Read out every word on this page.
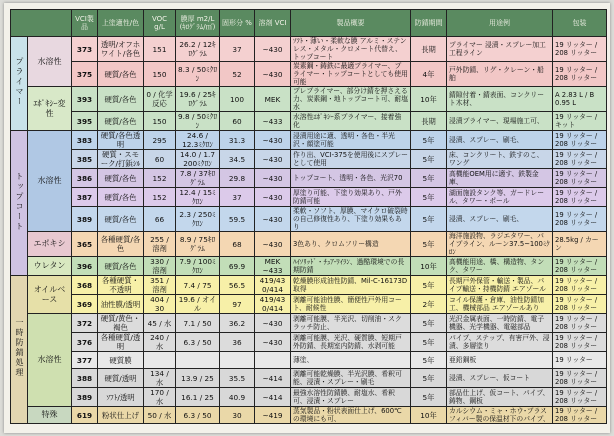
		VCI製品	上塗適性/色	VOC g/L	膜厚 m2/L (ｷﾛｸﾞﾗﾑ/㎡)	固形分 %	溶剤 VCI	製品概要	防錆期間	用途例	包装
プライマー	水溶性	373	透明/オフホワイト/各色	151	26.2 / 12ｷﾛｸﾞﾗﾑ	37	~430	ｿﾌﾄ・薄い・柔軟な膜 アルミ・ステンレス・メタル・クロメート代替え、トップコート	長期	プライマー 浸漬・スプレー加工工程ライン	19 リッター / 208 リッター
		375	硬質/各色	150	8.3 / 50ﾐｸﾛﾝ	52	~430	炭素鋼・鋳鉄に最適プライマー、プライマー・トップコートとしても使用可能	4年	戸外防錆、リグ・クレーン・船舶	19 リッター / 208 リッター
	ｴﾎﾟｷｼｰ変性	393	硬質/各色	0 / 化学反応	19.6 / 25ｷﾛｸﾞﾗﾑ	100	MEK	プレプライマー、部分け錆を押さえる力、炭素鋼・地トップコート可、耐塩水	10年	錆隙付着・錆表面、コンクリート木材、	A 2.83 L / B 0.95 L
		395	硬質/各色	150	9.8 / 50ﾐｸﾛﾝ	60	~433	水溶性ｴﾎﾟｷｼｰ系プライマー、接着強化	長期	浸漬プライマー、現場施工可、	19 リッター / キット
トップコート	水溶性	383	硬質/各色透明	295	24.6 / 12.3ﾐｸﾛﾝ	31.3	~430	浸漬用途に適、透明・各色・半光沢・顔塗可能	5年	浸漬、スプレー、刷毛、	19 リッター / 208 リッター
		385	硬質・スモーク/打鋲ｼﾙ	60	14.0 / 1.7 200ﾐｸﾛﾝ	34.5	~430	作り出、VCI-375を使用後にスプレーとして使用	5年	床、コンクリート、鉄すのこ、ワング	19 リッター / 208 リッター
		386	硬質/各色	152	7.8 / 37ｷﾛｸﾞﾗﾑ	29.8	~430	トップコート、透明・各色、光沢70	5年	高機能OEM用に適す、鉄製金庫、	19 リッター / 208 リッター
		387	硬質/各色	152	12.4 / 15ﾐｸﾛﾝ	37	~430	厚塗り可能、下塗り効果あり、戸外防錆可能	5年	湖面施設タンク等、ガードレール、タワー・ポール	19 リッター / 208 リッター
		389	硬質/各色	66	2.3 / 250ﾐｸﾛﾝ	59.5	~430	柔軟・ソフト、厚膜、マイクロ破裂時の自己修復性あり、下塗り効果もあり	5年	浸漬、スプレー、刷毛、	19 リッター / 208 リッター
	エポキシ	365	各種硬質/各色	255 / 溶剤	8.9 / 75ｷﾛｸﾞﾗﾑ	68	~430	3色あり、クロムフリー構造	5年	海洋施設物、ラジエタワー、パイプライン、ルーン37.5~100ﾐｸﾛﾝ	28.5kg / カーン
	ウレタン	396	硬質/各色	330 / 溶剤	7.9 / 100ﾐｸﾛﾝ	69.9	MEK ~433	ﾊｲｿﾘｯﾄﾞ・ﾁｭｱ-ﾜｲﾗﾝ、過酷環境での長期防錆	10年	高機能用途、橋、構造物、タンク、タワー	19 リッター / 208 リッター
一時防錆処理	オイルベース	368	各種硬質・不透明	351 / 溶剤	7.4 / 75	56.5	419/43 0/414	乾燥膜形成油性防錆、Mil-C-16173D 取得	5年	長期戸外保管・輸送・製品、パイプ輸送・持機防錆 エアゾール	19 リッター / 208 リッター
		369	油性膜/透明	404 / 30	19.6 / オイル	97	419/43 0/414	剥離可能油性膜、簡便性戸外用コート、耐候性	2年	コイル保護・倉庫、油性防錆加工、機械部品 エアゾールあり	19 リッター / 208 リッター
	水溶性	372	硬質/黄色・褐色	45 / 水	7.1 / 50	36.2	~430	剥離可能膜、半光沢、切削油・スクラッチ防止、	5年	光沢金属表面、一時防錆、電子機器、光学機器、電磁部品	19 リッター / 208 リッター
		376	各種硬質/透明	240 / 水	6.3 / 50	36	~430	剥離可能膜、光沢、硬質膜、短期戸外防錆、長期室内防錆、水剥可能	5年	パイプ、ステップ、有害戸外、浸漬、多層塗り	19 リッター / 208 リッター
		377	硬質膜					薄塗、	5年	亜鉛鋼板	19 リッター
		388	硬質/透明	134 / 水	13.9 / 25	35.5	~414	剥離可能乾燥膜、半光沢膜、希釈可能、浸漬・スプレー・刷毛	5年	浸漬、スプレー、仮コート	19 リッター / 208 リッター
		389	ｿﾌﾄ/透明	170 / 水	16.1 / 25	40.9	~414	最強水溶性防錆膜、耐塩水、希釈可、浸漬・スプレー	5年	部品仕上げ、仮コート、パイプ、鋳物、鋼板	19 リッター / 208 リッター
	特殊	619	粉状仕上げ	50 / 水	6.3 / 50	30	~419	蒸気製品・粉状表面仕上げ、600℃の環境にも可、	10年	カルシウム・ミャ・ホウ･ブラスフィバー製の保温材下のパイプ、	19 リッター / 208 リッター
